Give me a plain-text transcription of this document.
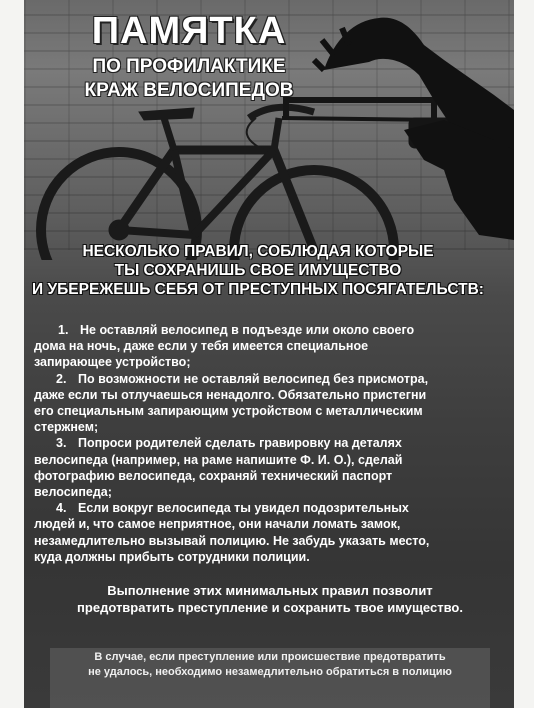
ПАМЯТКА
ПО ПРОФИЛАКТИКЕ
КРАЖ ВЕЛОСИПЕДОВ
НЕСКОЛЬКО ПРАВИЛ, СОБЛЮДАЯ КОТОРЫЕ
ТЫ СОХРАНИШЬ СВОЕ ИМУЩЕСТВО
И УБЕРЕЖЕШЬ СЕБЯ ОТ ПРЕСТУПНЫХ ПОСЯГАТЕЛЬСТВ:
1. Не оставляй велосипед в подъезде или около своего
дома на ночь, даже если у тебя имеется специальное
запирающее устройство;
2. По возможности не оставляй велосипед без присмотра,
даже если ты отлучаешься ненадолго. Обязательно пристегни
его специальным запирающим устройством с металлическим
стержнем;
3. Попроси родителей сделать гравировку на деталях
велосипеда (например, на раме напишите Ф. И. О.), сделай
фотографию велосипеда, сохраняй технический паспорт
велосипеда;
4. Если вокруг велосипеда ты увидел подозрительных
людей и, что самое неприятное, они начали ломать замок,
незамедлительно вызывай полицию. Не забудь указать место,
куда должны прибыть сотрудники полиции.
Выполнение этих минимальных правил позволит
предотвратить преступление и сохранить твое имущество.
В случае, если преступление или происшествие предотвратить
не удалось, необходимо незамедлительно обратиться в полицию
